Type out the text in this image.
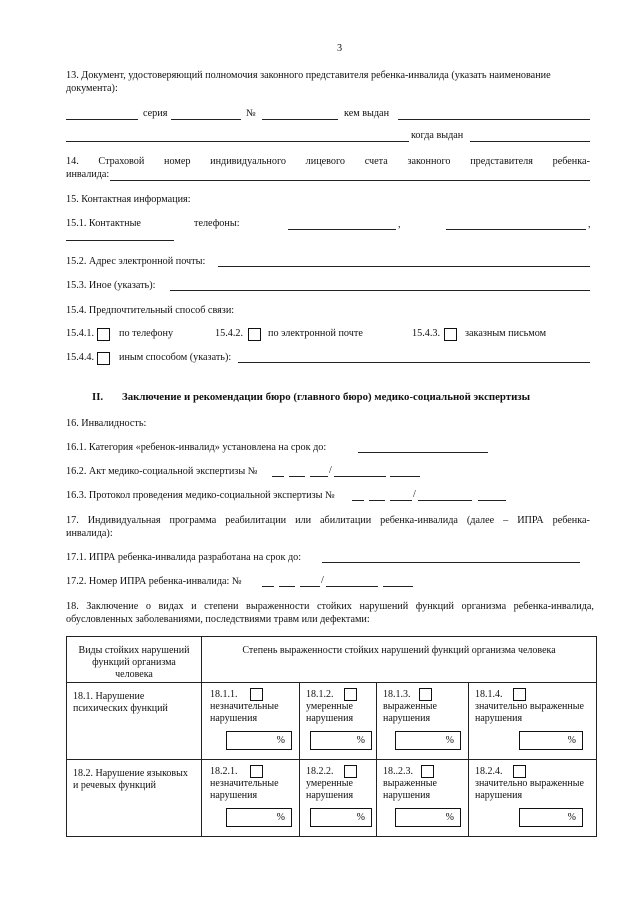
3
13. Документ, удостоверяющий полномочия законного представителя ребенка-инвалида (указать наименование
документа):
серия	№	кем выдан
когда выдан
14. Страховой номер индивидуального лицевого счета законного представителя ребенка-
инвалида:
15. Контактная информация:
15.1. Контактные	телефоны:	,	,
15.2. Адрес электронной почты:
15.3. Иное (указать):
15.4. Предпочтительный способ связи:
15.4.1. по телефону	15.4.2. по электронной почте	15.4.3. заказным письмом
15.4.4. иным способом (указать):
II. Заключение и рекомендации бюро (главного бюро) медико-социальной экспертизы
16. Инвалидность:
16.1. Категория «ребенок-инвалид» установлена на срок до:
16.2. Акт медико-социальной экспертизы №	/
16.3. Протокол проведения медико-социальной экспертизы №	/
17. Индивидуальная программа реабилитации или абилитации ребенка-инвалида (далее – ИПРА ребенка-
инвалида):
17.1. ИПРА ребенка-инвалида разработана на срок до:
17.2. Номер ИПРА ребенка-инвалида: №	/
18. Заключение о видах и степени выраженности стойких нарушений функций организма ребенка-инвалида,
обусловленных заболеваниями, последствиями травм или дефектами:
Виды стойких нарушений функций организма человека	Степень выраженности стойких нарушений функций организма человека			
18.1. Нарушение психических функций	18.1.1.
незначительные нарушения
%	18.1.2.
умеренные нарушения
%	18.1.3.
выраженные нарушения
%	18.1.4.
значительно выраженные нарушения
%

18.2. Нарушение языковых и речевых функций	18.2.1.
незначительные нарушения
%	18.2.2.
умеренные нарушения
%	18..2.3.
выраженные нарушения
%	18.2.4.
значительно выраженные нарушения
%
